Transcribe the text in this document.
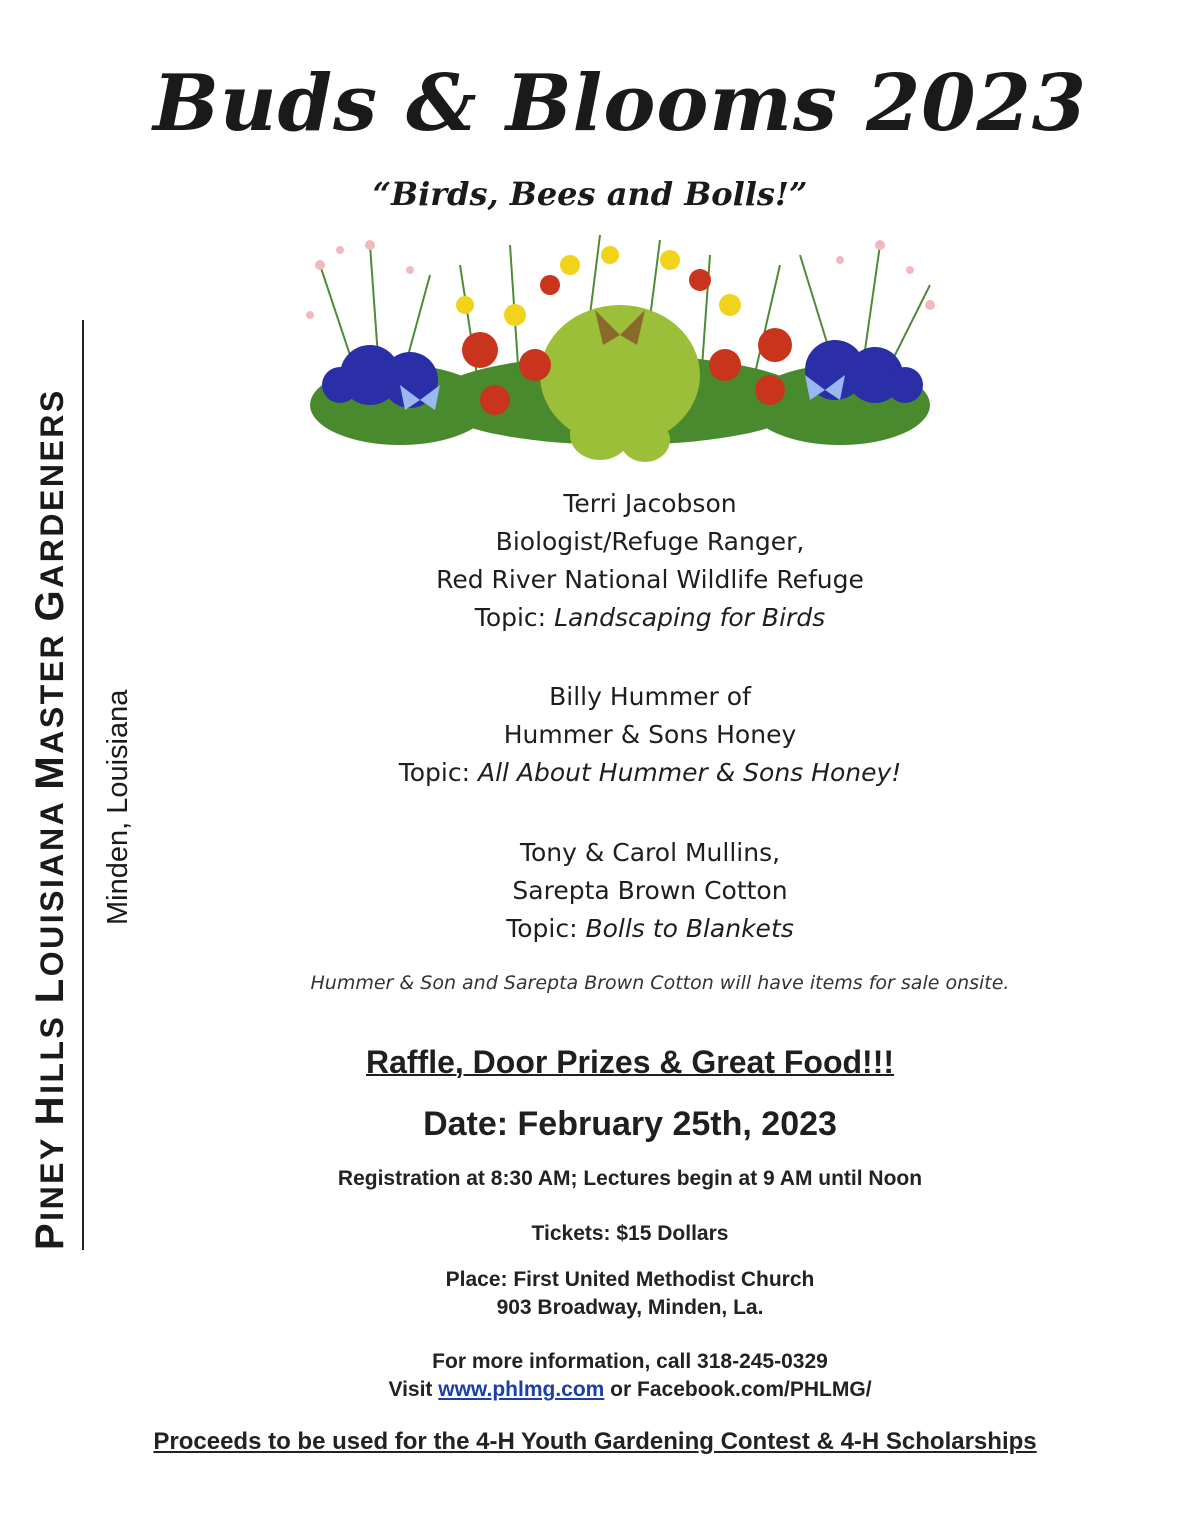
PINEY HILLS LOUISIANA MASTER GARDENERS
Minden, Louisiana
Buds & Blooms 2023
“Birds, Bees and Bolls!”
Terri Jacobson
Biologist/Refuge Ranger,
Red River National Wildlife Refuge
Topic: Landscaping for Birds
Billy Hummer of
Hummer & Sons Honey
Topic: All About Hummer & Sons Honey!
Tony & Carol Mullins,
Sarepta Brown Cotton
Topic: Bolls to Blankets
Hummer & Son and Sarepta Brown Cotton will have items for sale onsite.
Raffle, Door Prizes & Great Food!!!
Date: February 25th, 2023
Registration at 8:30 AM; Lectures begin at 9 AM until Noon
Tickets: $15 Dollars
Place: First United Methodist Church
903 Broadway, Minden, La.
For more information, call 318-245-0329
Visit www.phlmg.com or Facebook.com/PHLMG/
Proceeds to be used for the 4-H Youth Gardening Contest & 4-H Scholarships
